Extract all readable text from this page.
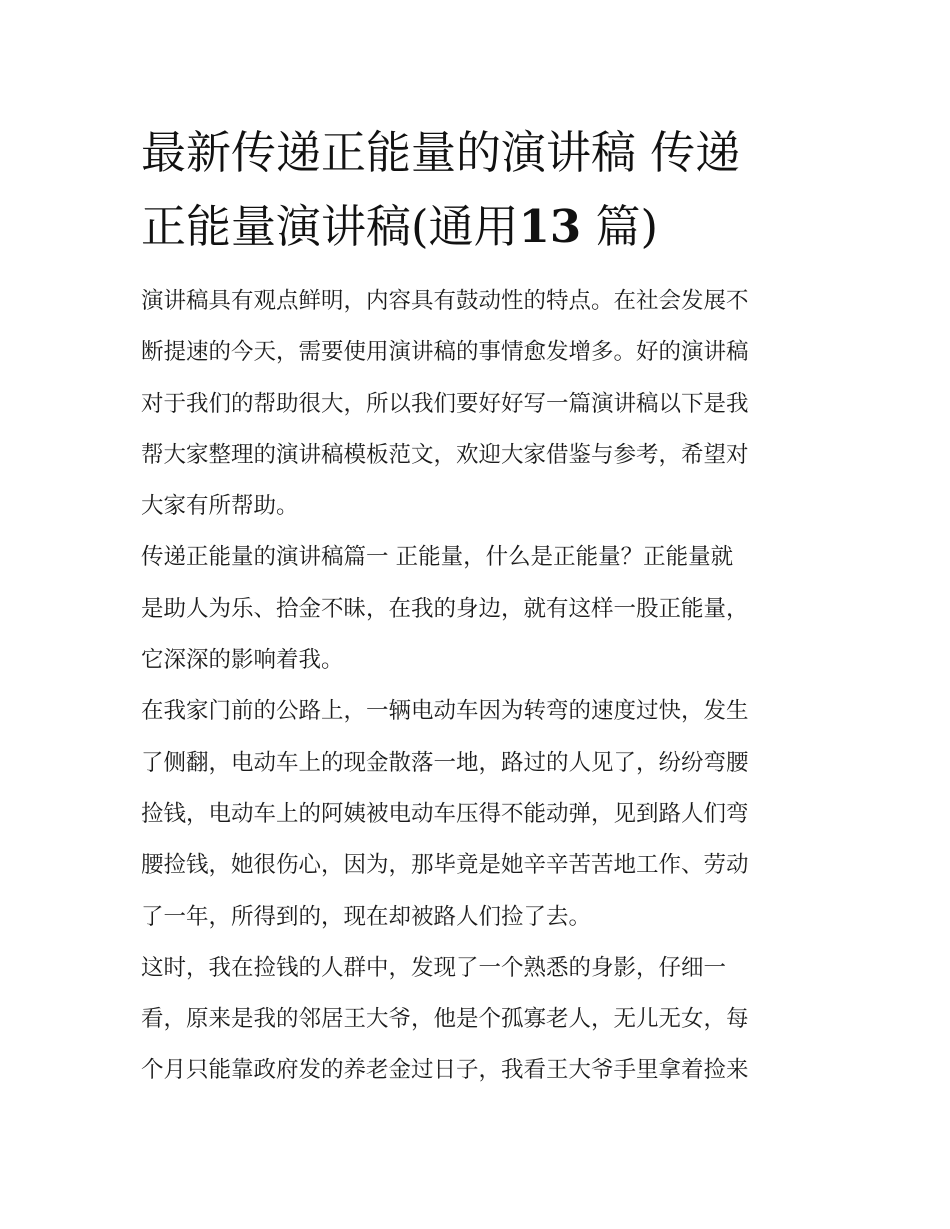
最新传递正能量的演讲稿 传递
正能量演讲稿(通用13 篇)
演讲稿具有观点鲜明，内容具有鼓动性的特点。在社会发展不
断提速的今天，需要使用演讲稿的事情愈发增多。好的演讲稿
对于我们的帮助很大，所以我们要好好写一篇演讲稿以下是我
帮大家整理的演讲稿模板范文，欢迎大家借鉴与参考，希望对
大家有所帮助。
传递正能量的演讲稿篇一 正能量，什么是正能量？正能量就
是助人为乐、拾金不昧，在我的身边，就有这样一股正能量，
它深深的影响着我。
在我家门前的公路上，一辆电动车因为转弯的速度过快，发生
了侧翻，电动车上的现金散落一地，路过的人见了，纷纷弯腰
捡钱，电动车上的阿姨被电动车压得不能动弹，见到路人们弯
腰捡钱，她很伤心，因为，那毕竟是她辛辛苦苦地工作、劳动
了一年，所得到的，现在却被路人们捡了去。
这时，我在捡钱的人群中，发现了一个熟悉的身影，仔细一
看，原来是我的邻居王大爷，他是个孤寡老人，无儿无女，每
个月只能靠政府发的养老金过日子，我看王大爷手里拿着捡来
